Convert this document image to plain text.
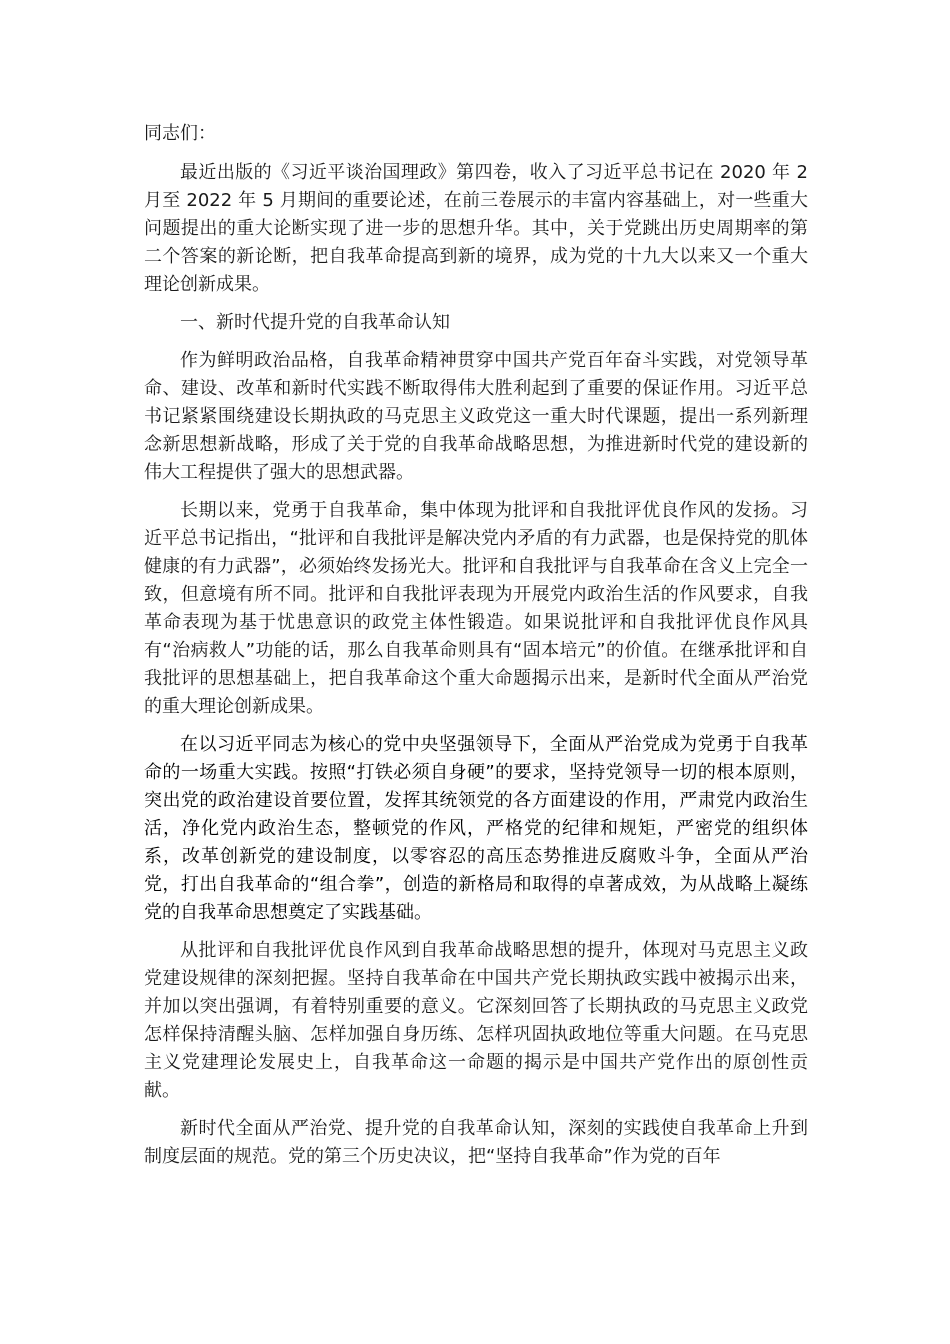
同志们：

最近出版的《习近平谈治国理政》第四卷，收入了习近平总书记在 2020 年 2 月至 2022 年 5 月期间的重要论述，在前三卷展示的丰富内容基础上，对一些重大问题提出的重大论断实现了进一步的思想升华。其中，关于党跳出历史周期率的第二个答案的新论断，把自我革命提高到新的境界，成为党的十九大以来又一个重大理论创新成果。

一、新时代提升党的自我革命认知

作为鲜明政治品格，自我革命精神贯穿中国共产党百年奋斗实践，对党领导革命、建设、改革和新时代实践不断取得伟大胜利起到了重要的保证作用。习近平总书记紧紧围绕建设长期执政的马克思主义政党这一重大时代课题，提出一系列新理念新思想新战略，形成了关于党的自我革命战略思想，为推进新时代党的建设新的伟大工程提供了强大的思想武器。

长期以来，党勇于自我革命，集中体现为批评和自我批评优良作风的发扬。习近平总书记指出，“批评和自我批评是解决党内矛盾的有力武器，也是保持党的肌体健康的有力武器”，必须始终发扬光大。批评和自我批评与自我革命在含义上完全一致，但意境有所不同。批评和自我批评表现为开展党内政治生活的作风要求，自我革命表现为基于忧患意识的政党主体性锻造。如果说批评和自我批评优良作风具有“治病救人”功能的话，那么自我革命则具有“固本培元”的价值。在继承批评和自我批评的思想基础上，把自我革命这个重大命题揭示出来，是新时代全面从严治党的重大理论创新成果。

在以习近平同志为核心的党中央坚强领导下，全面从严治党成为党勇于自我革命的一场重大实践。按照“打铁必须自身硬”的要求，坚持党领导一切的根本原则，突出党的政治建设首要位置，发挥其统领党的各方面建设的作用，严肃党内政治生活，净化党内政治生态，整顿党的作风，严格党的纪律和规矩，严密党的组织体系，改革创新党的建设制度，以零容忍的高压态势推进反腐败斗争，全面从严治党，打出自我革命的“组合拳”，创造的新格局和取得的卓著成效，为从战略上凝练党的自我革命思想奠定了实践基础。

从批评和自我批评优良作风到自我革命战略思想的提升，体现对马克思主义政党建设规律的深刻把握。坚持自我革命在中国共产党长期执政实践中被揭示出来，并加以突出强调，有着特别重要的意义。它深刻回答了长期执政的马克思主义政党怎样保持清醒头脑、怎样加强自身历练、怎样巩固执政地位等重大问题。在马克思主义党建理论发展史上，自我革命这一命题的揭示是中国共产党作出的原创性贡献。

新时代全面从严治党、提升党的自我革命认知，深刻的实践使自我革命上升到制度层面的规范。党的第三个历史决议，把“坚持自我革命”作为党的百年
